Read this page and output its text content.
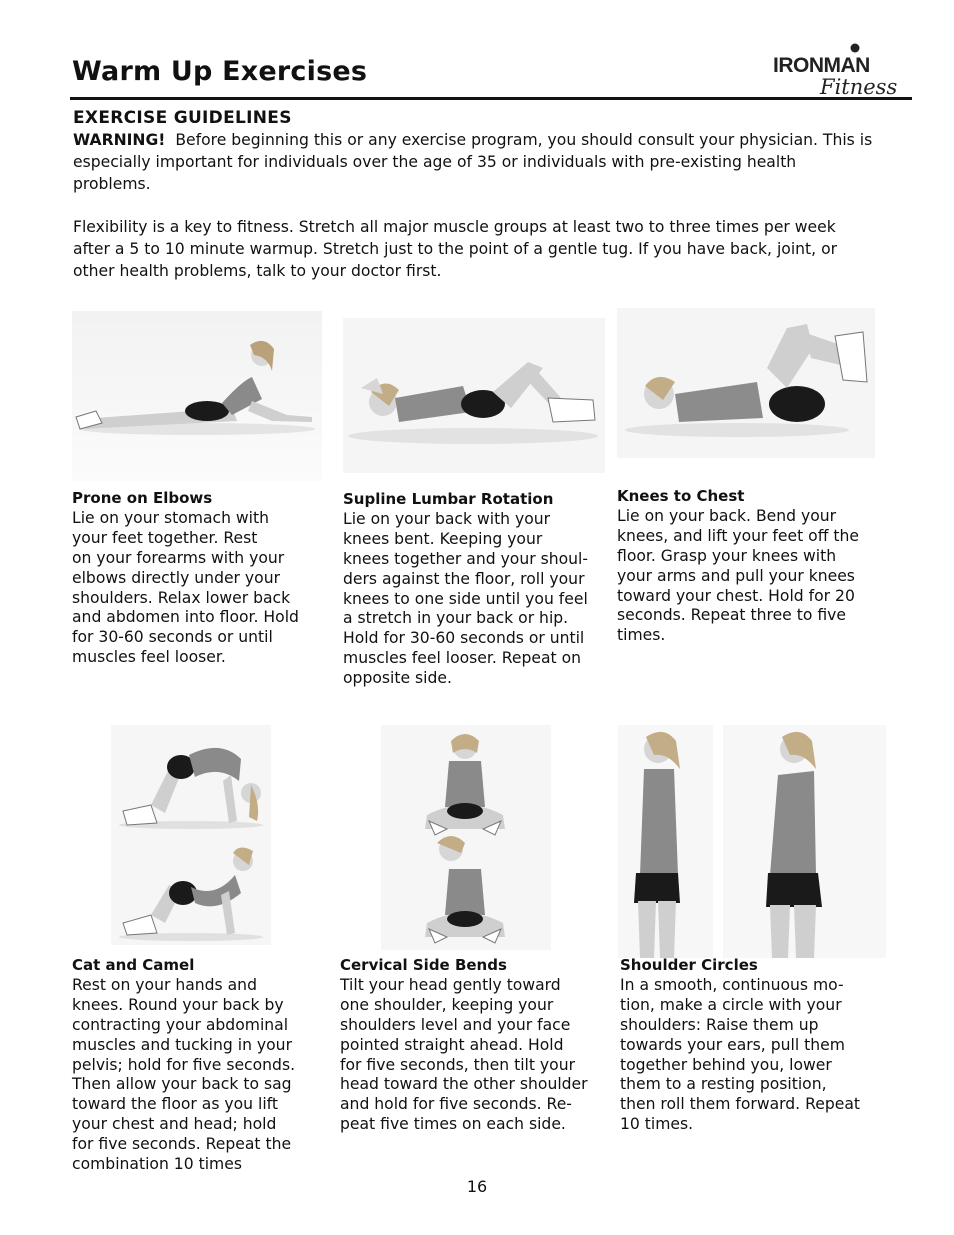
Warm Up Exercises	IRONMAN
Fitness
EXERCISE GUIDELINES

WARNING! Before beginning this or any exercise program, you should consult your physician. This is especially important for individuals over the age of 35 or individuals with pre-existing health problems.

Flexibility is a key to fitness. Stretch all major muscle groups at least two to three times per week after a 5 to 10 minute warmup. Stretch just to the point of a gentle tug. If you have back, joint, or other health problems, talk to your doctor first.

Prone on Elbows

Lie on your stomach with
your feet together. Rest
on your forearms with your
elbows directly under your
shoulders. Relax lower back
and abdomen into floor. Hold
for 30-60 seconds or until
muscles feel looser.

Supline Lumbar Rotation

Lie on your back with your
knees bent. Keeping your
knees together and your shoul-
ders against the floor, roll your
knees to one side until you feel
a stretch in your back or hip.
Hold for 30-60 seconds or until
muscles feel looser. Repeat on
opposite side.

Knees to Chest

Lie on your back. Bend your
knees, and lift your feet off the
floor. Grasp your knees with
your arms and pull your knees
toward your chest. Hold for 20
seconds. Repeat three to five
times.

Cat and Camel

Rest on your hands and
knees. Round your back by
contracting your abdominal
muscles and tucking in your
pelvis; hold for five seconds.
Then allow your back to sag
toward the floor as you lift
your chest and head; hold
for five seconds. Repeat the
combination 10 times

Cervical Side Bends

Tilt your head gently toward
one shoulder, keeping your
shoulders level and your face
pointed straight ahead. Hold
for five seconds, then tilt your
head toward the other shoulder
and hold for five seconds. Re-
peat five times on each side.

Shoulder Circles

In a smooth, continuous mo-
tion, make a circle with your
shoulders: Raise them up
towards your ears, pull them
together behind you, lower
them to a resting position,
then roll them forward. Repeat
10 times.

16
